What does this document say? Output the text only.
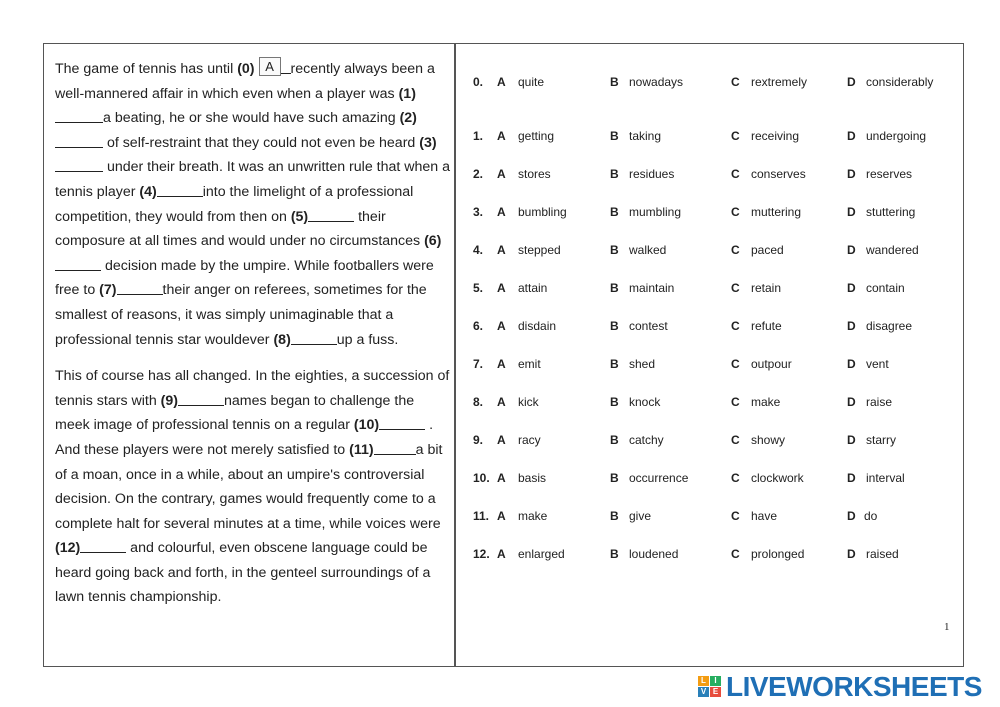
The game of tennis has until (0) A recently always been a well-mannered affair in which even when a player was (1)a beating, he or she would have such amazing (2) of self-restraint that they could not even be heard (3) under their breath. It was an unwritten rule that when a tennis player (4)	into the limelight of a professional competition, they would from then on (5)	their composure at all times and would under no circumstances (6) decision made by the umpire. While footballers were free to (7)	their anger on referees, sometimes for the smallest of reasons, it was simply unimaginable that a professional tennis star wouldever (8)	up a fuss.

This of course has all changed. In the eighties, a succession of tennis stars with (9)	names began to challenge the meek image of professional tennis on a regular (10)	. And these players were not merely satisfied to (11)	a bit of a moan, once in a while, about an umpire's controversial decision. On the contrary, games would frequently come to a complete halt for several minutes at a time, while voices were (12)	and colourful, even obscene language could be heard going back and forth, in the genteel surroundings of a lawn tennis championship.

0. A quite	B nowadays	C rextremely	D considerably
1. A getting	B taking	C receiving	D undergoing
2. A stores	B residues	C conserves	D reserves
3. A bumbling	B mumbling	C muttering	D stuttering
4. A stepped	B walked	C paced	D wandered
5. A attain	B maintain	C retain	D contain
6. A disdain	B contest	C refute	D disagree
7. A emit	B shed	C outpour	D vent
8. A kick	B knock	C make	D raise
9. A racy	B catchy	C showy	D starry
10. A basis	B occurrence	C clockwork	D interval
11. A make	B give	C have	D do
12. A enlarged	B loudened	C prolonged	D raised
1
L	I
V E LIVEWORKSHEETS
